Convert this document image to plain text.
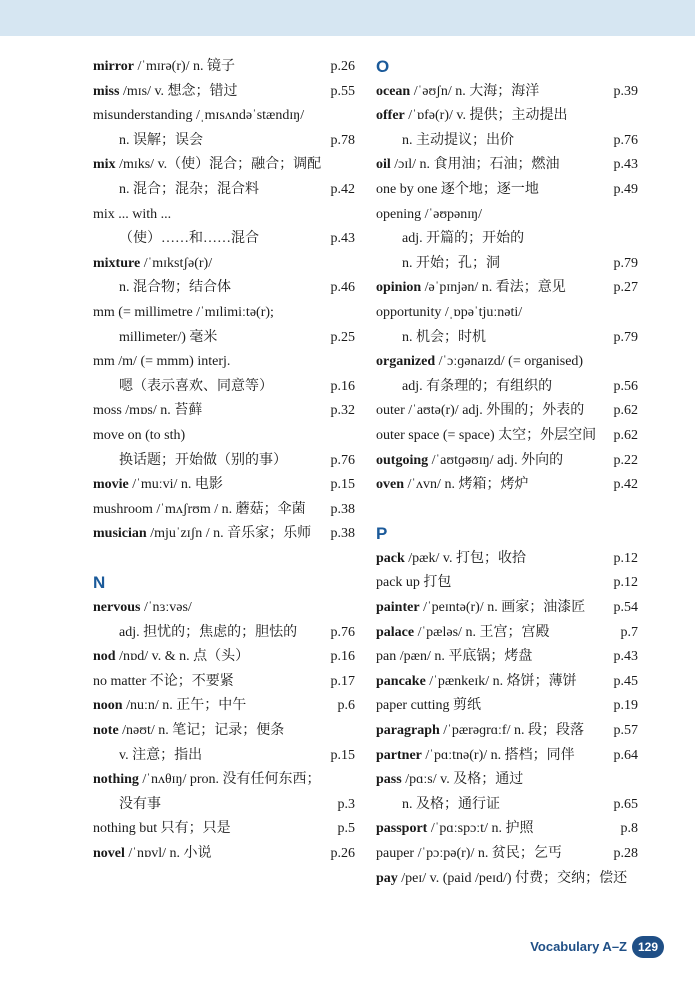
mirror /ˈmɪrə(r)/ n. 镜子	p.26
miss /mɪs/ v. 想念；错过	p.55
misunderstanding /ˌmɪsʌndəˈstændɪŋ/
n. 误解；误会	p.78
mix /mɪks/ v.（使）混合；融合；调配
n. 混合；混杂；混合料	p.42
mix ... with ...
（使）……和……混合	p.43
mixture /ˈmɪkstʃə(r)/
n. 混合物；结合体	p.46
mm (= millimetre /ˈmɪlimiːtə(r);
millimeter/) 毫米	p.25
mm /m/ (= mmm) interj.
嗯（表示喜欢、同意等）	p.16
moss /mɒs/ n. 苔藓	p.32
move on (to sth)
换话题；开始做（别的事）	p.76
movie /ˈmuːvi/ n. 电影	p.15
mushroom /ˈmʌʃrʊm / n. 蘑菇；伞菌 p.38
musician /mjuˈzɪʃn / n. 音乐家；乐师 p.38
N
nervous /ˈnɜːvəs/
adj. 担忧的；焦虑的；胆怯的 p.76
nod /nɒd/ v. & n. 点（头）	p.16
no matter 不论；不要紧	p.17
noon /nuːn/ n. 正午；中午	p.6
note /nəʊt/ n. 笔记；记录；便条
v. 注意；指出	p.15
nothing /ˈnʌθɪŋ/ pron. 没有任何东西；
没有事	p.3
nothing but 只有；只是	p.5
novel /ˈnɒvl/ n. 小说	p.26
O
ocean /ˈəʊʃn/ n. 大海；海洋	p.39
offer /ˈɒfə(r)/ v. 提供；主动提出
n. 主动提议；出价	p.76
oil /ɔɪl/ n. 食用油；石油；燃油	p.43
one by one 逐个地；逐一地	p.49
opening /ˈəʊpənɪŋ/
adj. 开篇的；开始的
n. 开始；孔；洞	p.79
opinion /əˈpɪnjən/ n. 看法；意见	p.27
opportunity /ˌɒpəˈtjuːnəti/
n. 机会；时机	p.79
organized /ˈɔːɡənaɪzd/ (= organised)
adj. 有条理的；有组织的	p.56
outer /ˈaʊtə(r)/ adj. 外围的；外表的 p.62
outer space (= space) 太空；外层空间 p.62
outgoing /ˈaʊtɡəʊɪŋ/ adj. 外向的	p.22
oven /ˈʌvn/ n. 烤箱；烤炉	p.42
P
pack /pæk/ v. 打包；收拾	p.12
pack up 打包	p.12
painter /ˈpeɪntə(r)/ n. 画家；油漆匠 p.54
palace /ˈpæləs/ n. 王宫；宫殿	p.7
pan /pæn/ n. 平底锅；烤盘	p.43
pancake /ˈpænkeɪk/ n. 烙饼；薄饼	p.45
paper cutting 剪纸	p.19
paragraph /ˈpærəɡrɑːf/ n. 段；段落 p.57
partner /ˈpɑːtnə(r)/ n. 搭档；同伴	p.64
pass /pɑːs/ v. 及格；通过
n. 及格；通行证	p.65
passport /ˈpɑːspɔːt/ n. 护照	p.8
pauper /ˈpɔːpə(r)/ n. 贫民；乞丐	p.28
pay /peɪ/ v. (paid /peɪd/) 付费；交纳；偿还
Vocabulary A–Z 129
